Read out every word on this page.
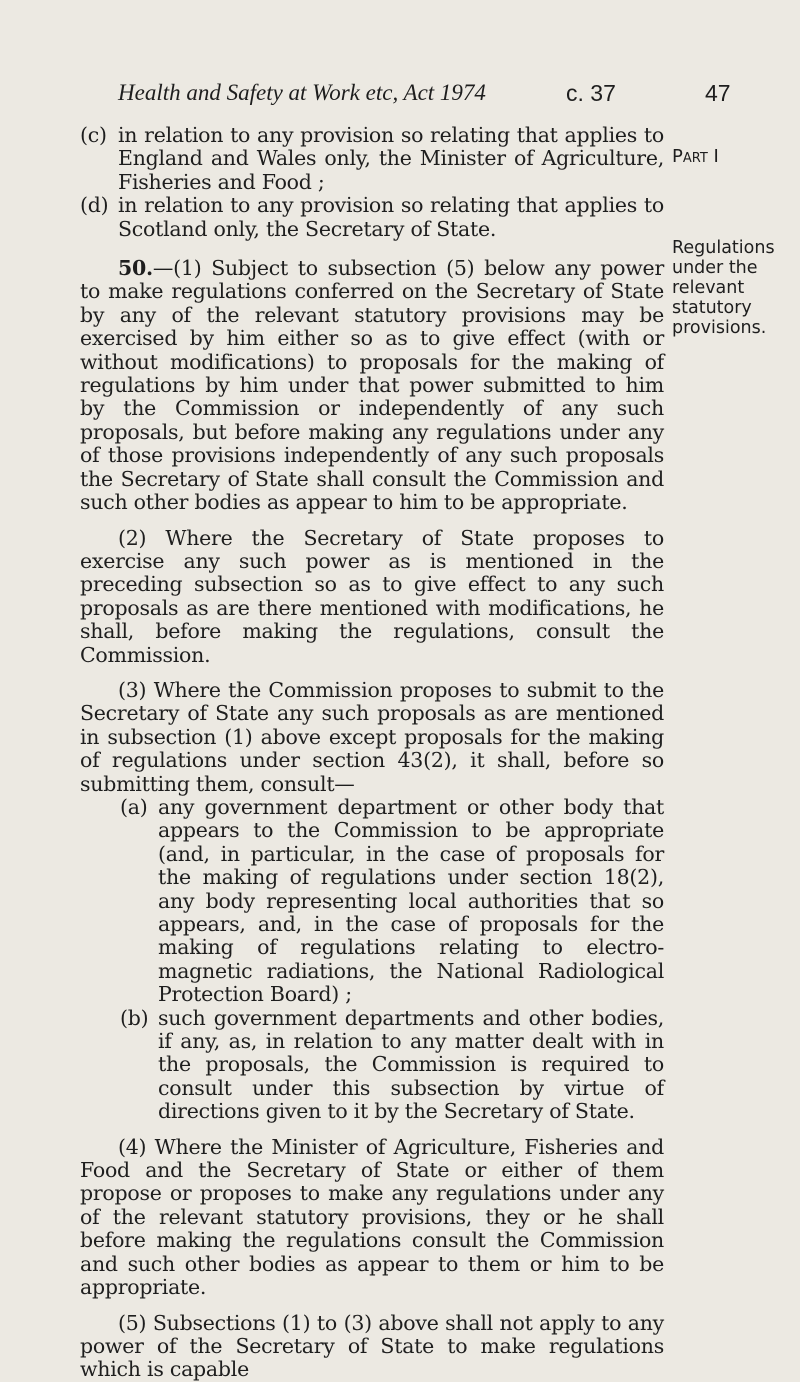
Health and Safety at Work etc, Act 1974	c. 37	47
Part I
Regulations
under the
relevant
statutory
provisions.

(c) in relation to any provision so relating that applies to England and Wales only, the Minister of Agriculture, Fisheries and Food ;

(d) in relation to any provision so relating that applies to Scotland only, the Secretary of State.

50.—(1) Subject to subsection (5) below any power to make regulations conferred on the Secretary of State by any of the relevant statutory provisions may be exercised by him either so as to give effect (with or without modifications) to proposals for the making of regulations by him under that power submitted to him by the Commission or independently of any such proposals, but before making any regulations under any of those provisions independently of any such proposals the Secretary of State shall consult the Commission and such other bodies as appear to him to be appropriate.

(2) Where the Secretary of State proposes to exercise any such power as is mentioned in the preceding subsection so as to give effect to any such proposals as are there mentioned with modifications, he shall, before making the regulations, consult the Commission.

(3) Where the Commission proposes to submit to the Secretary of State any such proposals as are mentioned in subsection (1) above except proposals for the making of regulations under section 43(2), it shall, before so submitting them, consult—

(a) any government department or other body that appears to the Commission to be appropriate (and, in particular, in the case of proposals for the making of regulations under section 18(2), any body representing local authorities that so appears, and, in the case of proposals for the making of regulations relating to electro-magnetic radiations, the National Radiological Protection Board) ;

(b) such government departments and other bodies, if any, as, in relation to any matter dealt with in the proposals, the Commission is required to consult under this subsection by virtue of directions given to it by the Secretary of State.

(4) Where the Minister of Agriculture, Fisheries and Food and the Secretary of State or either of them propose or proposes to make any regulations under any of the relevant statutory provisions, they or he shall before making the regulations consult the Commission and such other bodies as appear to them or him to be appropriate.

(5) Subsections (1) to (3) above shall not apply to any power of the Secretary of State to make regulations which is capable
